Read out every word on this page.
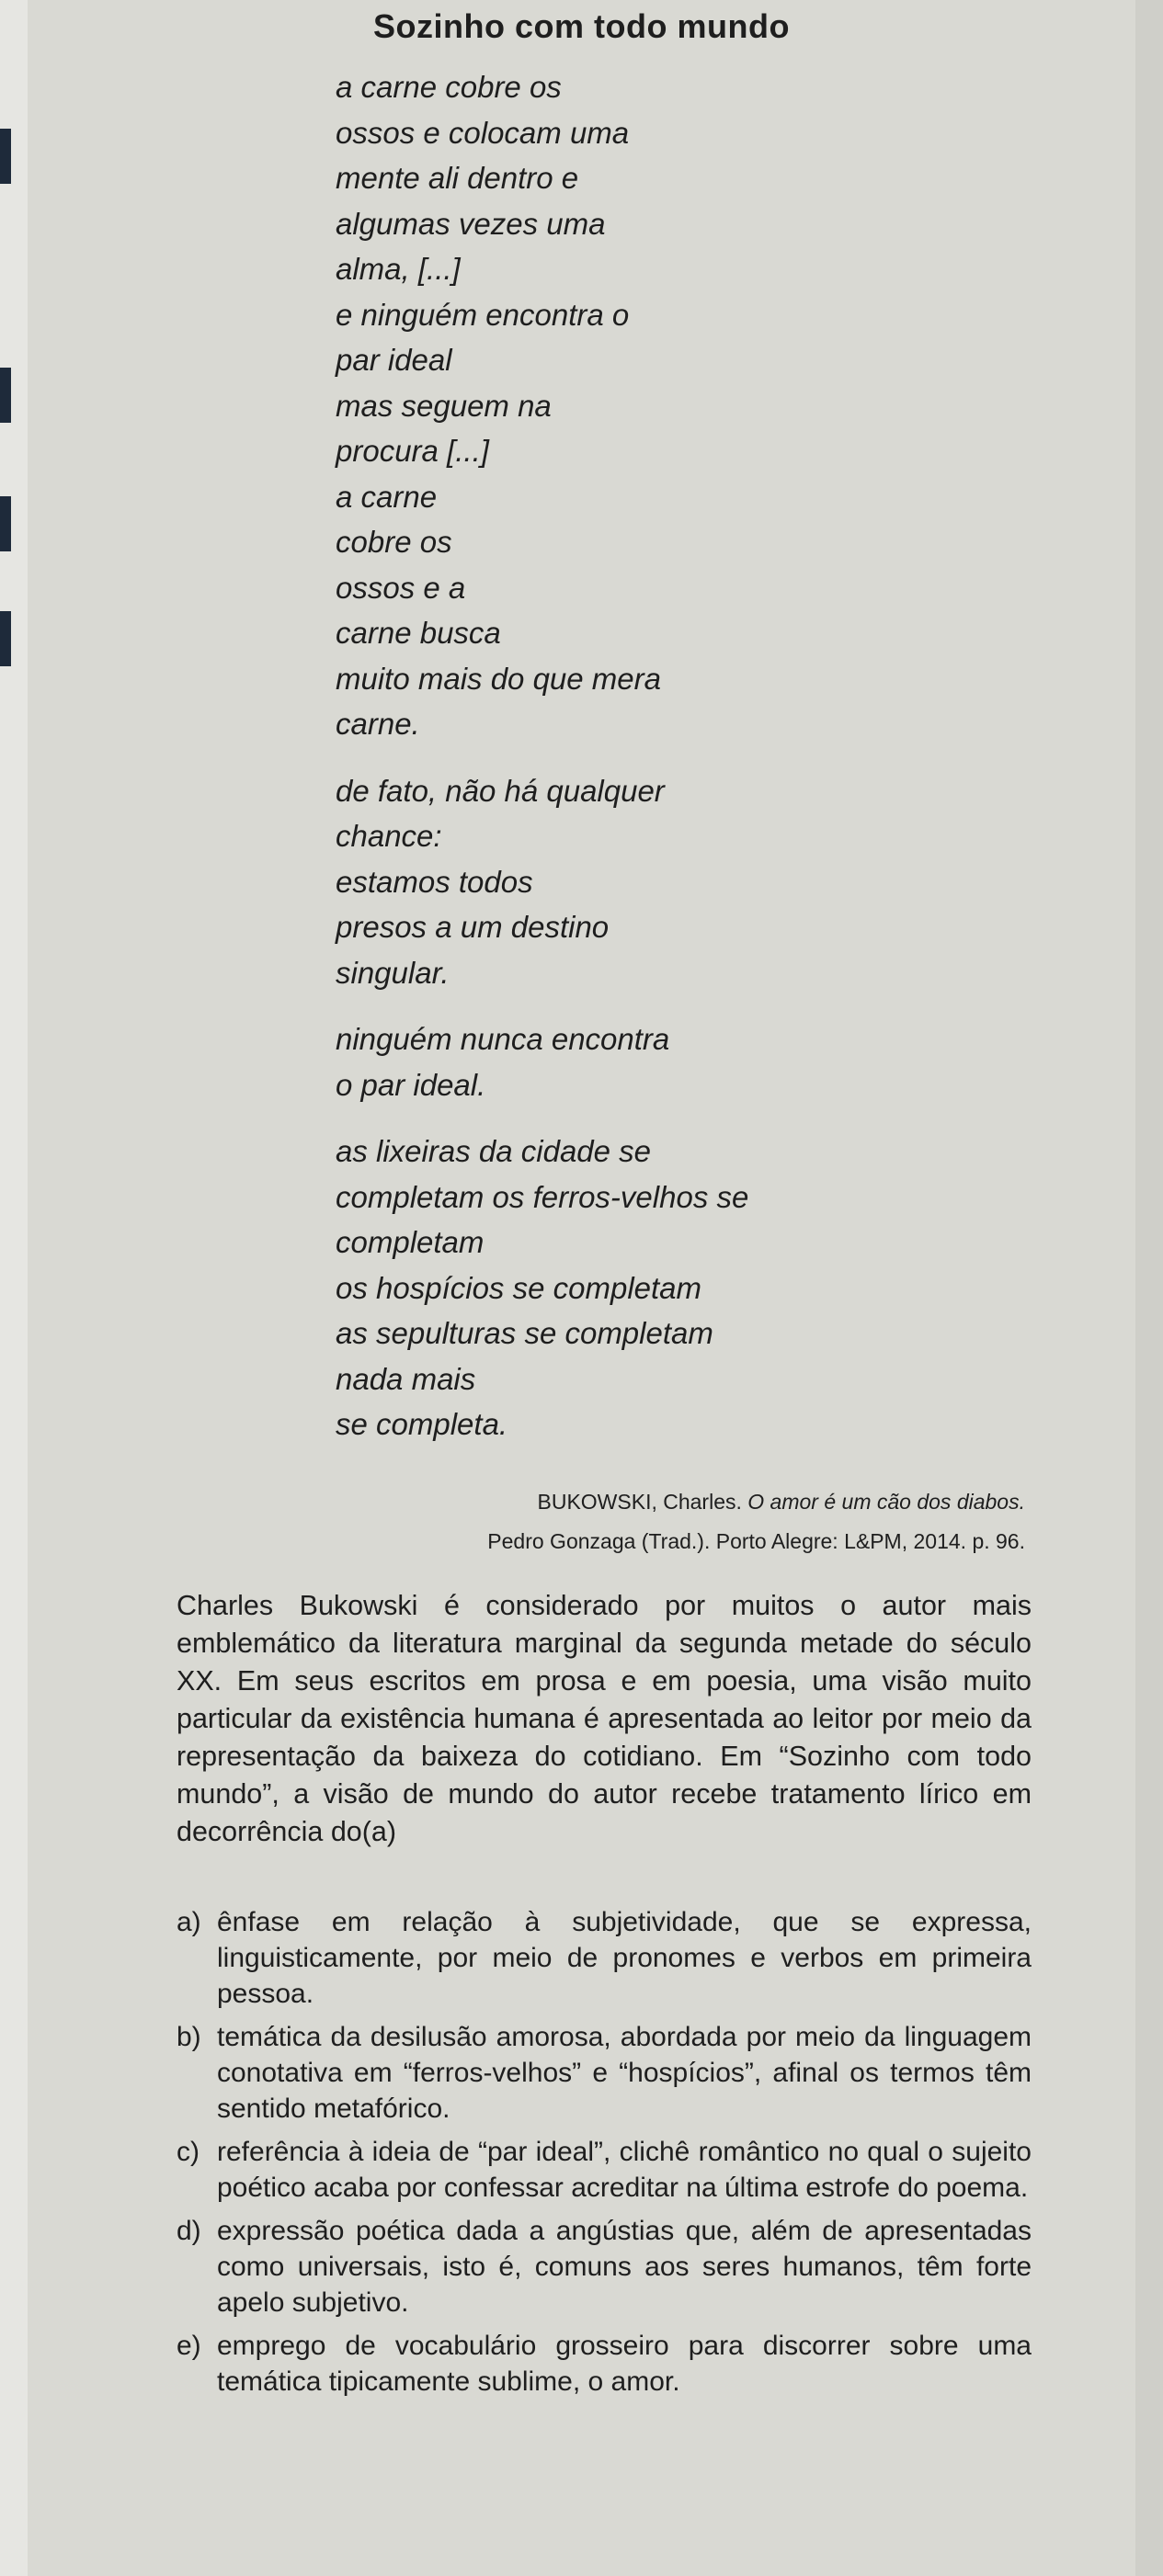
Sozinho com todo mundo
a carne cobre os
ossos e colocam uma
mente ali dentro e
algumas vezes uma
alma, [...]
e ninguém encontra o
par ideal
mas seguem na
procura [...]
a carne
cobre os
ossos e a
carne busca
muito mais do que mera
carne.
de fato, não há qualquer
chance:
estamos todos
presos a um destino
singular.
ninguém nunca encontra
o par ideal.
as lixeiras da cidade se
completam os ferros-velhos se
completam
os hospícios se completam
as sepulturas se completam
nada mais
se completa.
BUKOWSKI, Charles. O amor é um cão dos diabos.
Pedro Gonzaga (Trad.). Porto Alegre: L&PM, 2014. p. 96.
Charles Bukowski é considerado por muitos o autor mais emblemático da literatura marginal da segunda metade do século XX. Em seus escritos em prosa e em poesia, uma visão muito particular da existência humana é apresentada ao leitor por meio da representação da baixeza do cotidiano. Em “Sozinho com todo mundo”, a visão de mundo do autor recebe tratamento lírico em decorrência do(a)
a) ênfase em relação à subjetividade, que se expressa, linguisticamente, por meio de pronomes e verbos em primeira pessoa.
b) temática da desilusão amorosa, abordada por meio da linguagem conotativa em “ferros-velhos” e “hospícios”, afinal os termos têm sentido metafórico.
c) referência à ideia de “par ideal”, clichê romântico no qual o sujeito poético acaba por confessar acreditar na última estrofe do poema.
d) expressão poética dada a angústias que, além de apresentadas como universais, isto é, comuns aos seres humanos, têm forte apelo subjetivo.
e) emprego de vocabulário grosseiro para discorrer sobre uma temática tipicamente sublime, o amor.
